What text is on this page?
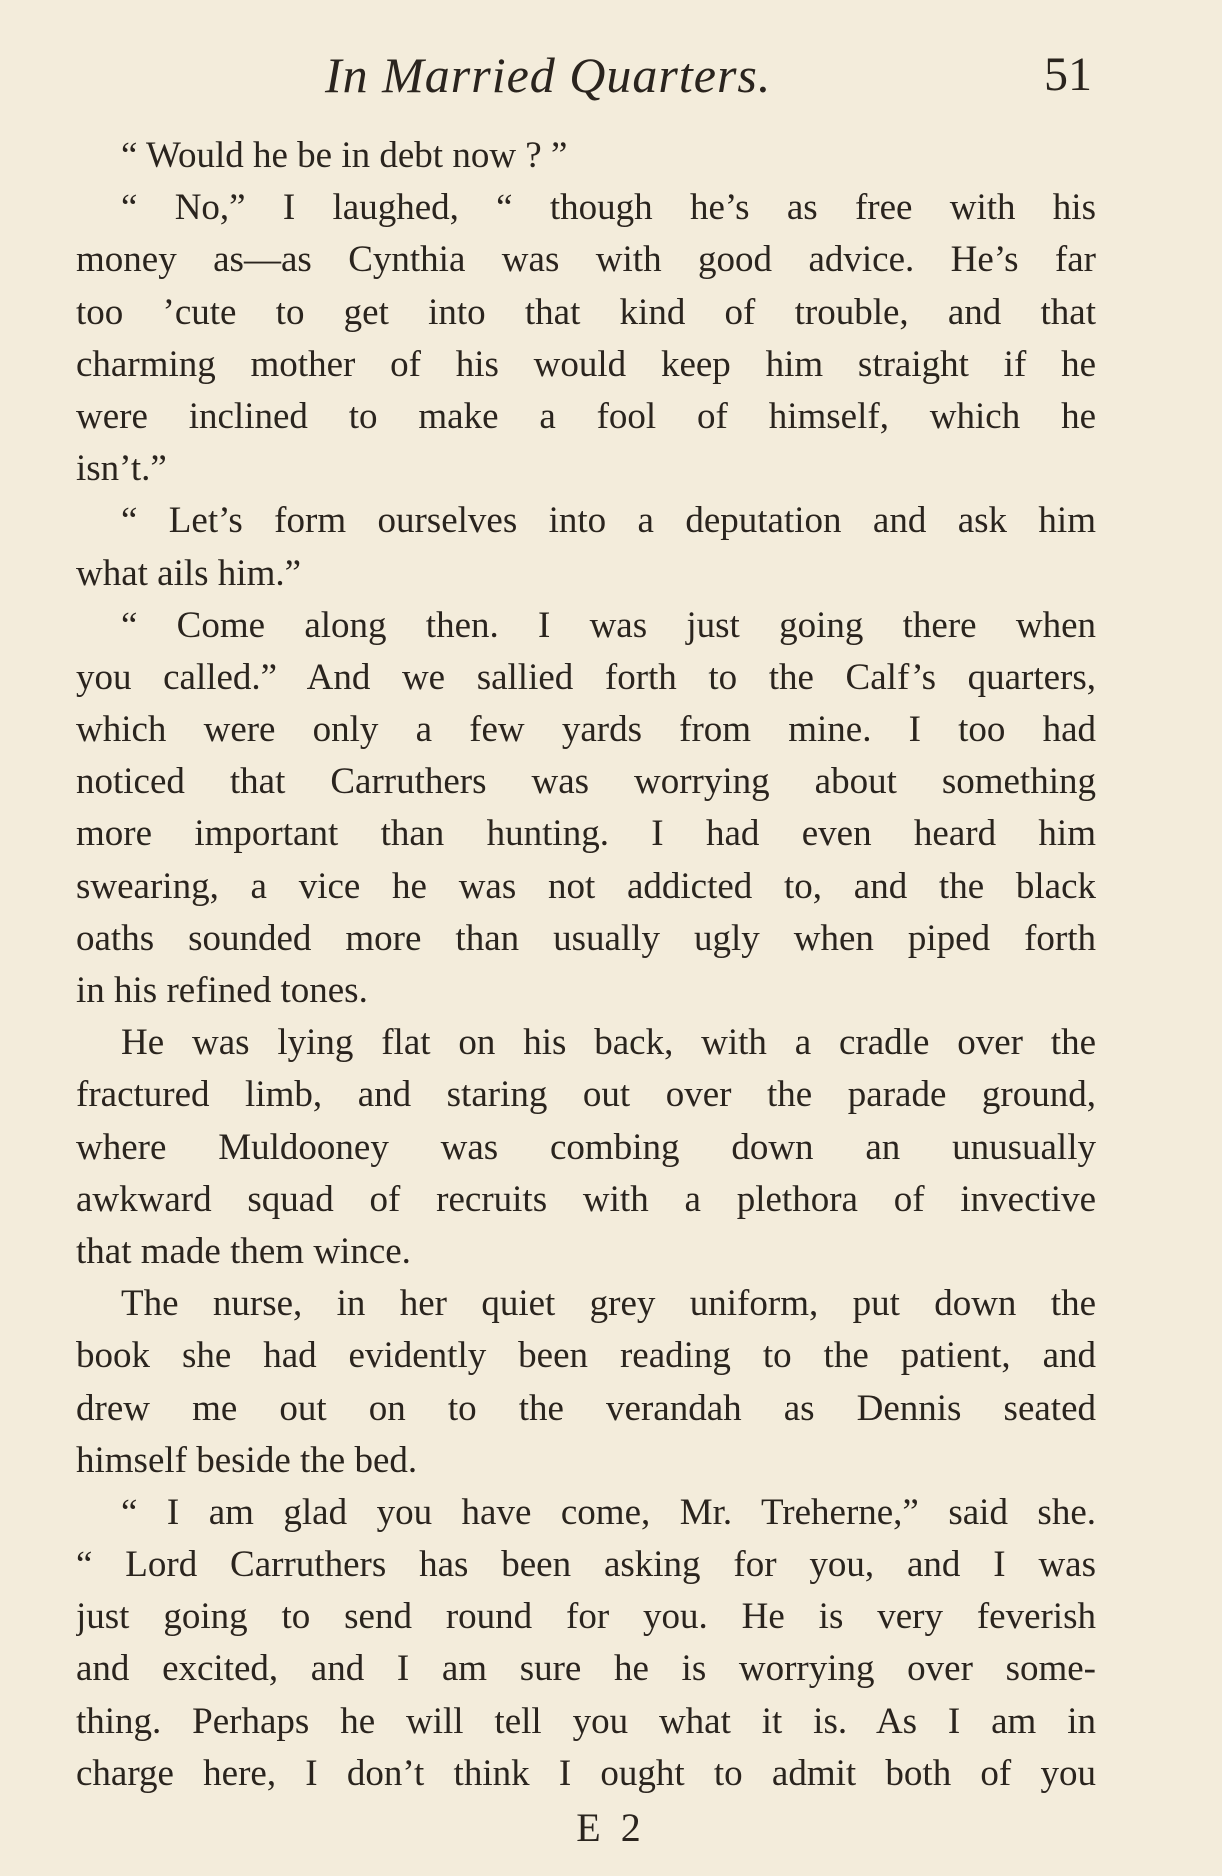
In Married Quarters.	51
“ Would he be in debt now ? ”
“ No,” I laughed, “ though he’s as free with his
money as—as Cynthia was with good advice. He’s far
too ’cute to get into that kind of trouble, and that
charming mother of his would keep him straight if he
were inclined to make a fool of himself, which he
isn’t.”
“ Let’s form ourselves into a deputation and ask him
what ails him.”
“ Come along then. I was just going there when
you called.” And we sallied forth to the Calf’s quarters,
which were only a few yards from mine. I too had
noticed that Carruthers was worrying about something
more important than hunting. I had even heard him
swearing, a vice he was not addicted to, and the black
oaths sounded more than usually ugly when piped forth
in his refined tones.
He was lying flat on his back, with a cradle over the
fractured limb, and staring out over the parade ground,
where Muldooney was combing down an unusually
awkward squad of recruits with a plethora of invective
that made them wince.
The nurse, in her quiet grey uniform, put down the
book she had evidently been reading to the patient, and
drew me out on to the verandah as Dennis seated
himself beside the bed.
“ I am glad you have come, Mr. Treherne,” said she.
“ Lord Carruthers has been asking for you, and I was
just going to send round for you. He is very feverish
and excited, and I am sure he is worrying over some-
thing. Perhaps he will tell you what it is. As I am in
charge here, I don’t think I ought to admit both of you
E 2
